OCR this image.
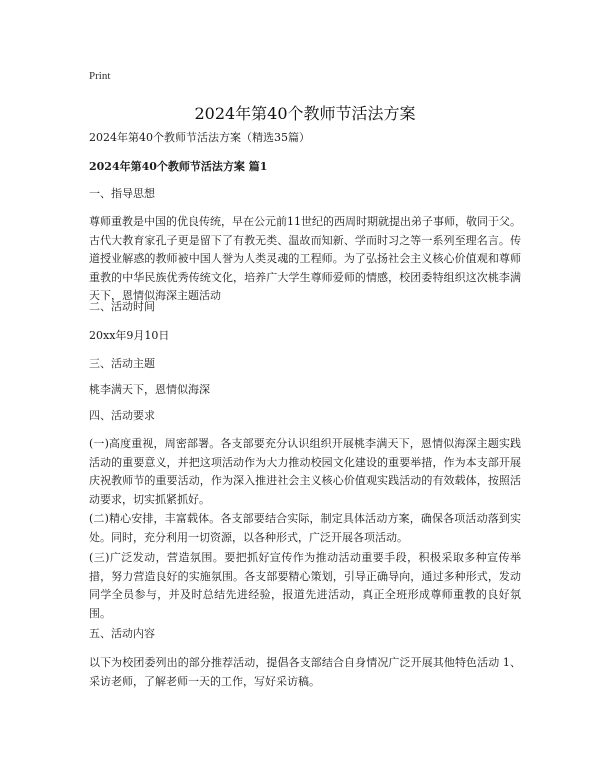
Print
2024年第40个教师节活法方案

2024年第40个教师节活法方案（精选35篇）

2024年第40个教师节活法方案 篇1

一、指导思想

尊师重教是中国的优良传统，早在公元前11世纪的西周时期就提出弟子事师，敬同于父。古代大教育家孔子更是留下了有教无类、温故而知新、学而时习之等一系列至理名言。传道授业解惑的教师被中国人誉为人类灵魂的工程师。为了弘扬社会主义核心价值观和尊师重教的中华民族优秀传统文化，培养广大学生尊师爱师的情感，校团委特组织这次桃李满天下，恩情似海深主题活动

二、活动时间

20xx年9月10日

三、活动主题

桃李满天下，恩情似海深

四、活动要求

(一)高度重视，周密部署。各支部要充分认识组织开展桃李满天下，恩情似海深主题实践活动的重要意义，并把这项活动作为大力推动校园文化建设的重要举措，作为本支部开展庆祝教师节的重要活动，作为深入推进社会主义核心价值观实践活动的有效载体，按照活动要求，切实抓紧抓好。

(二)精心安排，丰富载体。各支部要结合实际，制定具体活动方案，确保各项活动落到实处。同时，充分利用一切资源，以各种形式，广泛开展各项活动。

(三)广泛发动，营造氛围。要把抓好宣传作为推动活动重要手段，积极采取多种宣传举措，努力营造良好的实施氛围。各支部要精心策划，引导正确导向，通过多种形式，发动同学全员参与，并及时总结先进经验，报道先进活动，真正全班形成尊师重教的良好氛围。

五、活动内容

以下为校团委列出的部分推荐活动，提倡各支部结合自身情况广泛开展其他特色活动 1、采访老师，了解老师一天的工作，写好采访稿。
